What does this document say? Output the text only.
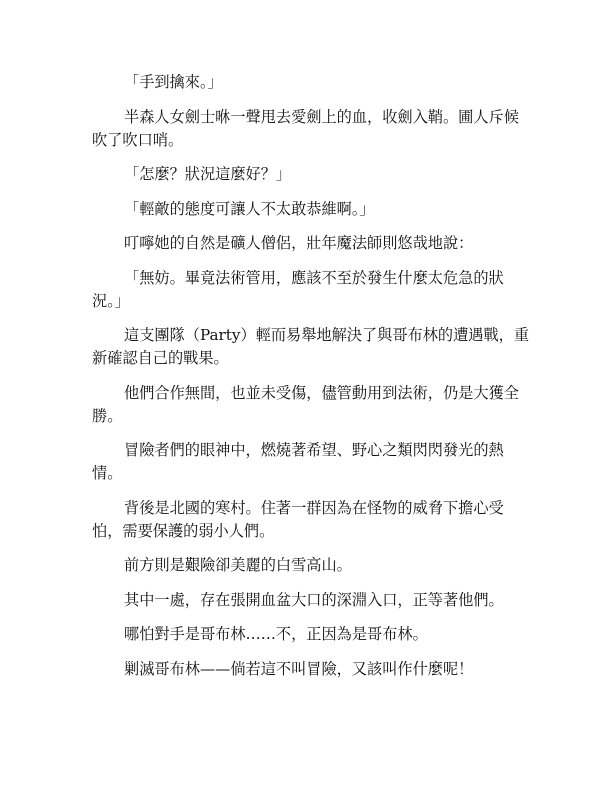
「手到擒來。」

半森人女劍士咻一聲甩去愛劍上的血，收劍入鞘。圃人斥候吹了吹口哨。

「怎麼？狀況這麼好？」

「輕敵的態度可讓人不太敢恭維啊。」

叮嚀她的自然是礦人僧侶，壯年魔法師則悠哉地說：

「無妨。畢竟法術管用，應該不至於發生什麼太危急的狀況。」

這支團隊（Party）輕而易舉地解決了與哥布林的遭遇戰，重新確認自己的戰果。

他們合作無間，也並未受傷，儘管動用到法術，仍是大獲全勝。

冒險者們的眼神中，燃燒著希望、野心之類閃閃發光的熱情。

背後是北國的寒村。住著一群因為在怪物的威脅下擔心受怕，需要保護的弱小人們。

前方則是艱險卻美麗的白雪高山。

其中一處，存在張開血盆大口的深淵入口，正等著他們。

哪怕對手是哥布林……不，正因為是哥布林。

剿滅哥布林——倘若這不叫冒險，又該叫作什麼呢！
